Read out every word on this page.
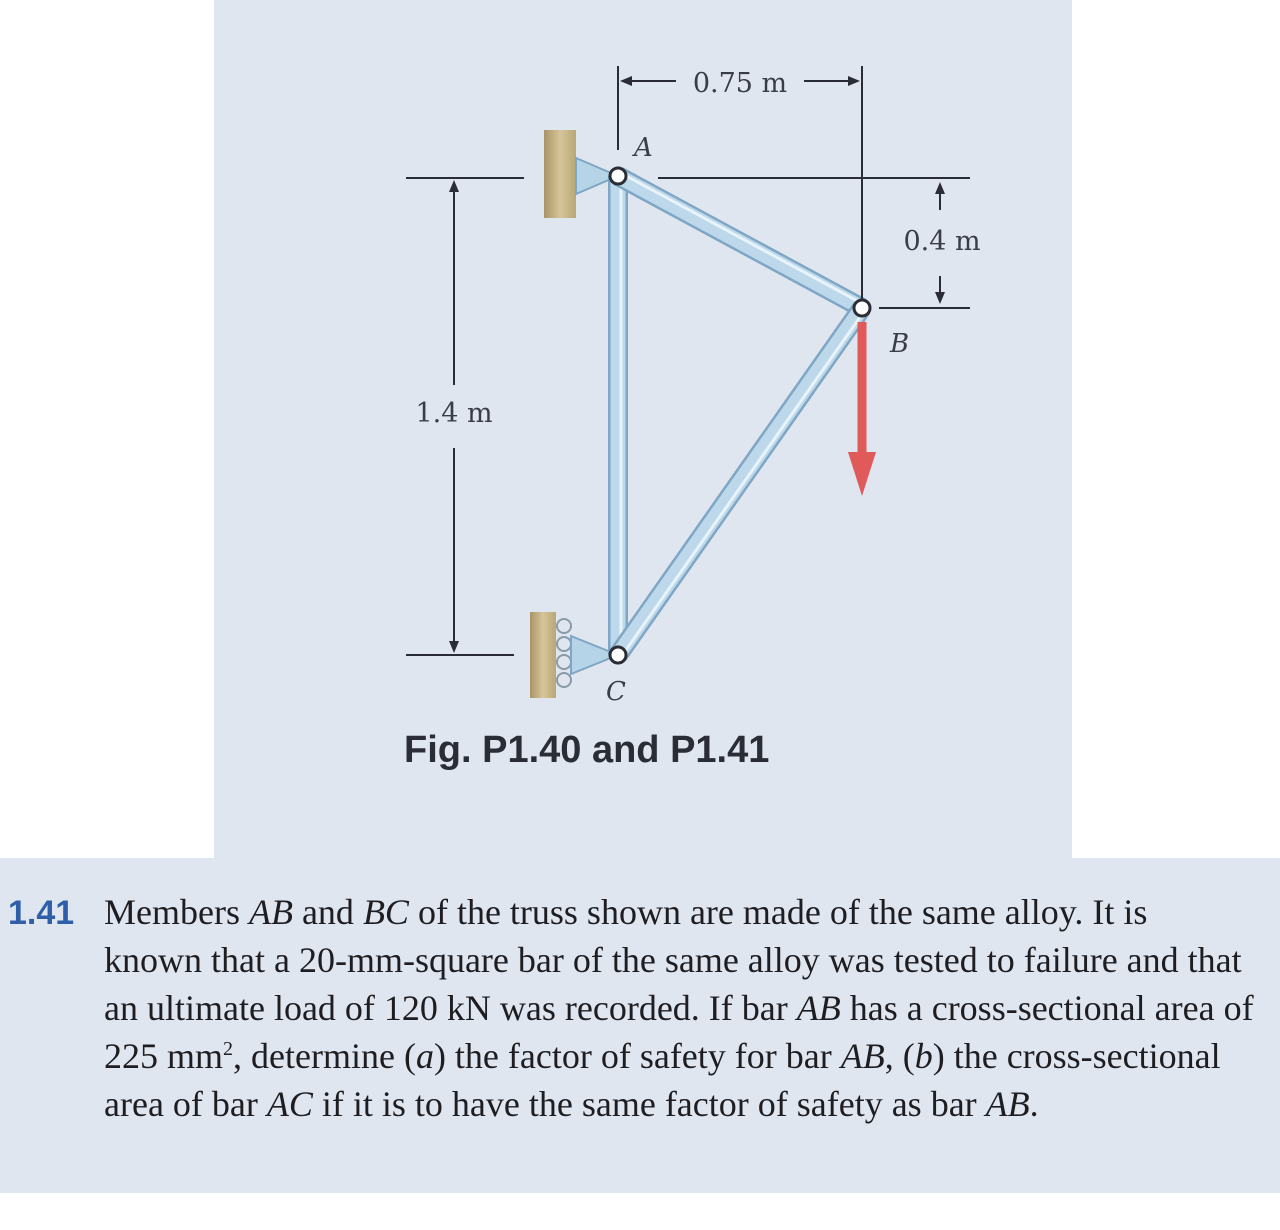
0.75 m
0.4 m
1.4 m
A
B
C
Fig. P1.40 and P1.41
1.41 Members AB and BC of the truss shown are made of the same alloy. It is known that a 20-mm-square bar of the same alloy was tested to failure and that an ultimate load of 120 kN was recorded. If bar AB has a cross-sectional area of 225 $mm^2$, determine (a) the factor of safety for bar AB, (b) the cross-sectional area of bar AC if it is to have the same factor of safety as bar AB.
